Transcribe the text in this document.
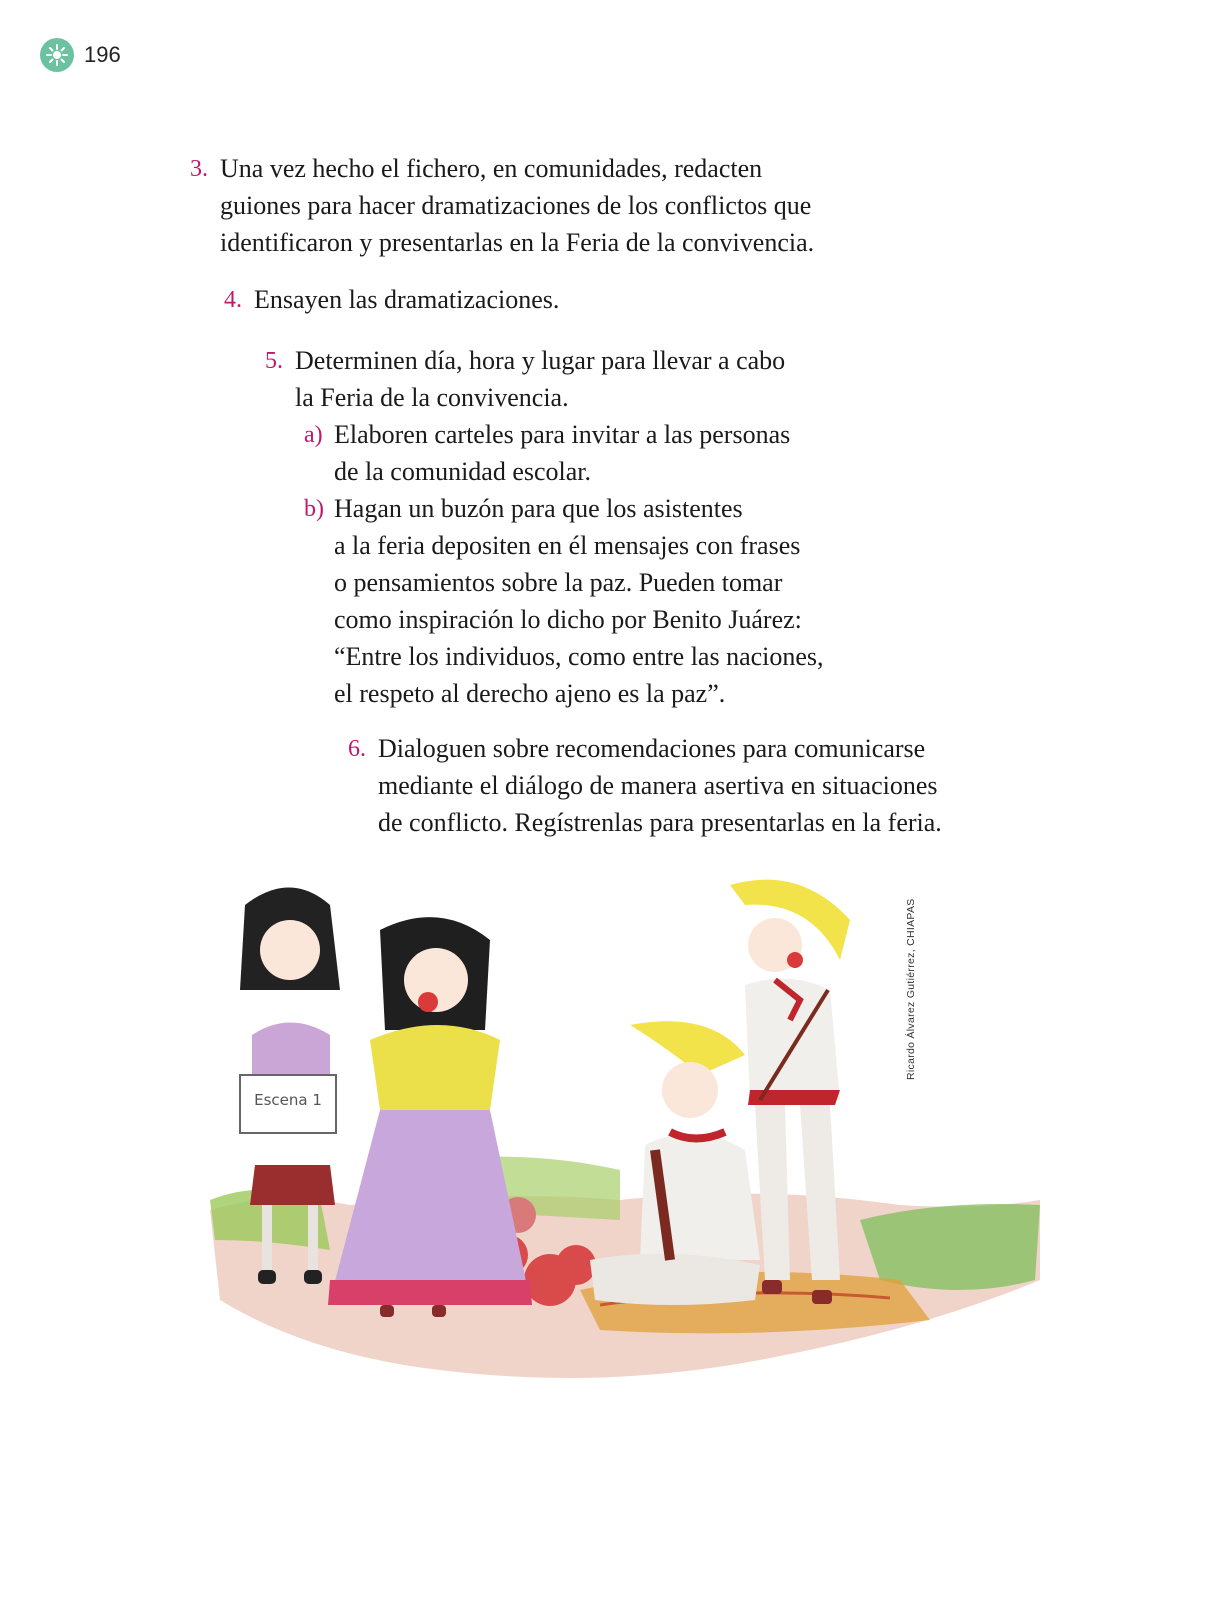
196
3. Una vez hecho el fichero, en comunidades, redacten
guiones para hacer dramatizaciones de los conflictos que
identificaron y presentarlas en la Feria de la convivencia.
4. Ensayen las dramatizaciones.
5. Determinen día, hora y lugar para llevar a cabo
la Feria de la convivencia.
a) Elaboren carteles para invitar a las personas
de la comunidad escolar.
b) Hagan un buzón para que los asistentes
a la feria depositen en él mensajes con frases
o pensamientos sobre la paz. Pueden tomar
como inspiración lo dicho por Benito Juárez:
“Entre los individuos, como entre las naciones,
el respeto al derecho ajeno es la paz”.
6. Dialoguen sobre recomendaciones para comunicarse
mediante el diálogo de manera asertiva en situaciones
de conflicto. Regístrenlas para presentarlas en la feria.
Escena 1
Ricardo Álvarez Gutiérrez, CHIAPAS
